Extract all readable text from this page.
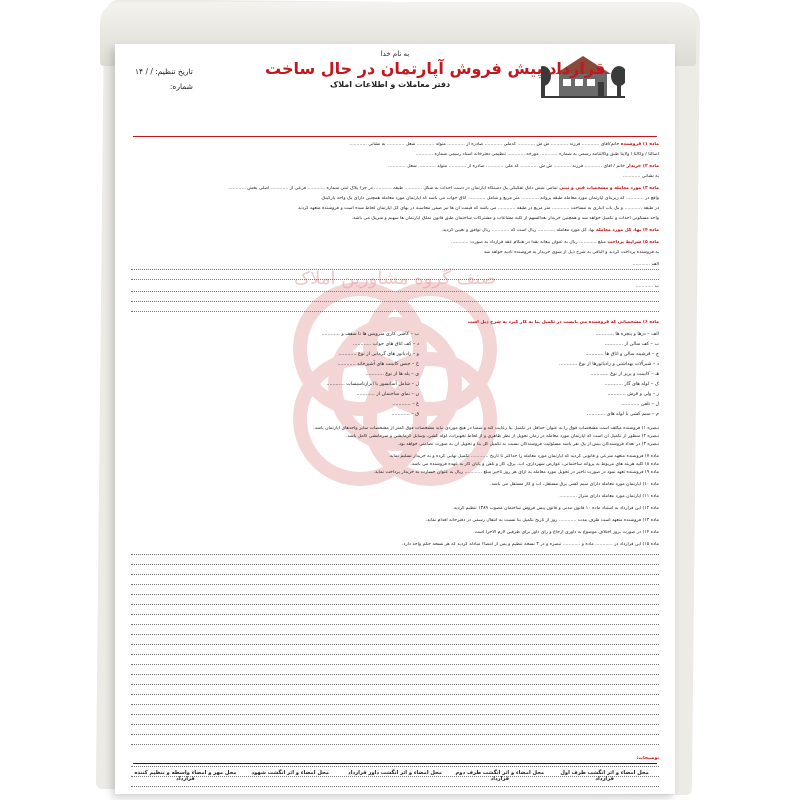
صنف گروه مشاورین املاک
به نام خدا
قرارداد پیش فروش آپارتمان در حال ساخت
دفتر معاملات و اطلاعات املاک
تاریخ تنظیم: / / ۱۴
شماره:
ماده ۱) فروشنده خانم/آقای ............ فرزند ............ ش ش ............ کدملی ............ صادره از ............ متولد ............ شغل ............ به نشانی ............
اصالتاً / وکالتاً / ولایتاً طبق وکالتنامه رسمی به شماره ............ مورخه ............ تنظیمی دفترخانه اسناد رسمی شماره ............
ماده ۲) خریدار خانم / آقای ............ فرزند ............ ش ش ............ کد ملی ............ صادره از ............ متولد ............ شغل ............
به نشانی ............
ماده ۳) مورد معامله و مشخصات فنی و ثبتی تمامی شش دانگ تفکیکی یک دستگاه آپارتمان در دست احداث به شکل ............ طبقه ............ در جزء پلاک ثبتی شماره ............ فرعی از ............ اصلی بخش ............
واقع در ............ که زیربنای آپارتمان مورد معامله طبقه پروانه ............ متر مربع و شامل ............ اتاق خواب می باشد که آپارتمان مورد معامله همچنین دارای یک واحد پارکینگ
در طبقه ............ و یک باب انباری به مساحت ............ متر مربع در طبقه ............ می باشد که قیمت آن ها نیز ضمن محاسبه در بهای کل آپارتمان لحاظ شده است و فروشنده متعهد گردید
واحد مسکونی احداث و تکمیل خواهد شد و همچنین خریدار بعدالسهم از کلیه مشاعات و مشترکات ساختمان طبق قانون تملک آپارتمان ها سهیم و شریک می باشد.
ماده ۴) بها، کل مورد معامله بها، کل مورد معامله ............ ریال است که ............ ریال توافق و تعیین گردید.
ماده ۵) شرایط پرداخت مبلغ ............ ریال به عنوان بیعانه نقداً در هنگام عقد قرارداد به صورت ............
به فروشنده پرداخت گردید و الباقی به شرح ذیل از سوی خریدار به فروشنده تأدیه خواهد شد
الف ............
ب ............
ماده ۶) مشخصاتی که فروشنده می بایست در تکمیل بنا به کار گیرد به شرح ذیل است
الف – درها و پنجره ها ............
ب – کف سالن از ............
ج – فرشینه سالن و اتاق ها ............
د – شیرآلات بهداشتی و رادیاتورها از نوع ............
هـ – کابینت و پریز از نوع ............
ک – لوله های گاز ............
ز – ولی و فرش ............
ل – تلفن ............
م – سیم کشی با لوله های ............
ب – کاشی کاری سرویس ها تا سقف و ............
د – کف اتاق های خواب ............
و – رادیاتور های گرمایی از نوع ............
ح – جنس کابینت های آشپزخانه ............
ی – پله ها از نوع ............
ل – شامل آسانسور با ابزارتاسیسات ............
ن – نمای ساختمان از ............
ع – ............
ق – ............
تبصره ۱) فروشنده مکلف است مشخصات فوق را به عنوان حداقل در تکمیل بنا رعایت کند و ضمناً در هیچ موردی نباید مشخصات فوق کمتر از مشخصات سایر واحدهای آپارتمان باشد.
تبصره ۲) منظور از تکمیل آن است که آپارتمان مورد معامله در زمان تحویل از نظر ظاهری و از لحاظ تجهیزات، لوله کشی، وسایل گرمایشی و سرمایشی کامل باشد.
تبصره ۳) در تعداد فروشندگان بیش از یک نفر باشد مسئولیت فروشندگان نسبت به تکمیل کل بنا و تحویل آن به صورت تضامنی خواهد بود.
ماده ۷) فروشنده متعهد شرعی و قانونی گردید که آپارتمان مورد معامله را حداکثر تا تاریخ ............ تکمیل نهایی کرده و به خریدار تسلیم نماید.
ماده ۸) کلیه هزینه های مربوط به پروانه ساختمانی، عوارض شهرداری، آب، برق، گاز و تلفن و پایان کار به عهده فروشنده می باشد.
ماده ۹) فروشنده تعهد نمود در صورت تأخیر در تحویل مورد معامله به ازای هر روز تأخیر مبلغ ............ ریال به عنوان خسارت به خریدار پرداخت نماید.
ماده ۱۰) آپارتمان مورد معامله دارای سیم کشی برق مستقل، آب و گاز مستقل می باشد.
ماده ۱۱) آپارتمان مورد معامله دارای متراژ ............
ماده ۱۲) این قرارداد به استناد ماده ۱۰ قانون مدنی و قانون پیش فروش ساختمان مصوب ۱۳۸۹ تنظیم گردید.
ماده ۱۳) فروشنده متعهد است ظرف مدت ............ روز از تاریخ تکمیل بنا نسبت به انتقال رسمی در دفترخانه اقدام نماید.
ماده ۱۴) در صورت بروز اختلاف موضوع به داوری ارجاع و رأی داور برای طرفین لازم الاجرا است.
ماده ۱۵) این قرارداد در ............ ماده و ............ تبصره و در ۳ نسخه تنظیم و پس از امضاء مبادله گردید که هر نسخه حکم واحد دارد.
توضیحات:
محل امضاء و اثر انگشت طرف اول قرارداد
محل امضاء و اثر انگشت طرف دوم قرارداد
محل امضاء و اثر انگشت داور قرارداد
محل امضاء و اثر انگشت شهود
محل مهر و امضاء واسطه و تنظیم کننده قرارداد
